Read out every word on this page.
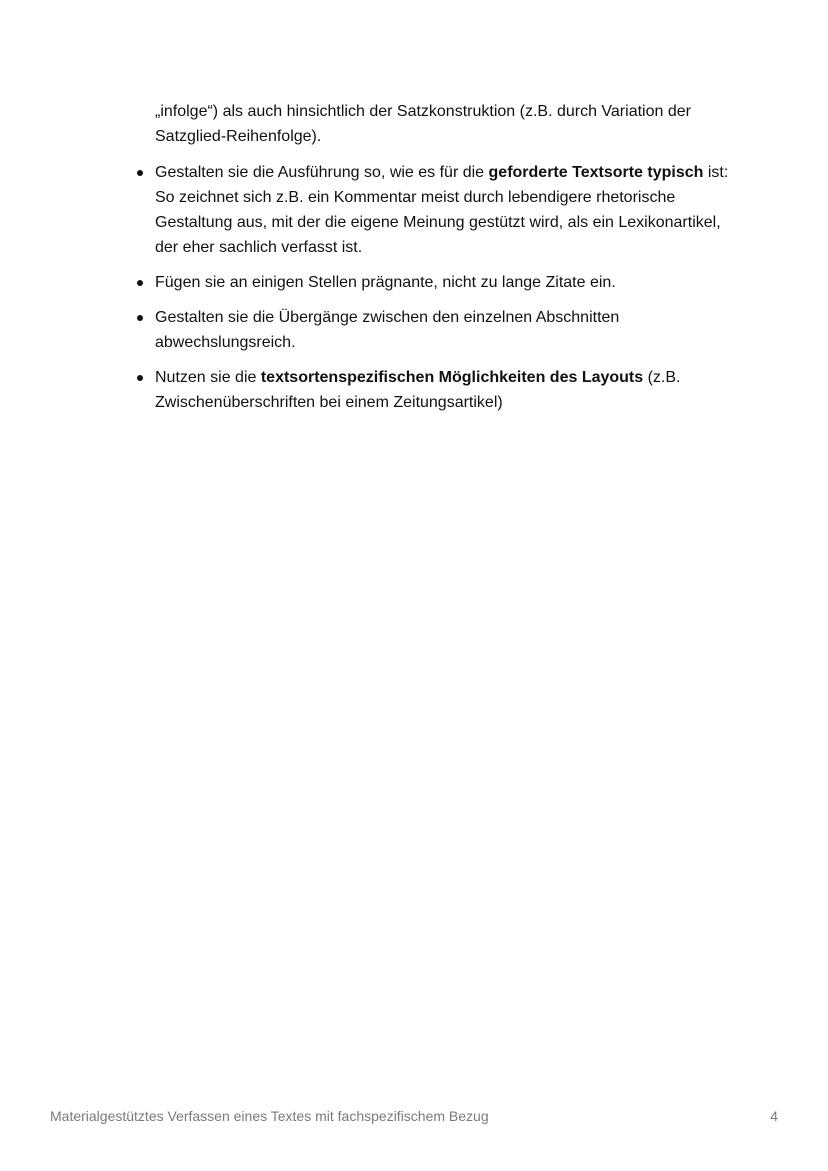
„infolge“) als auch hinsichtlich der Satzkonstruktion (z.B. durch Variation der Satzglied-Reihenfolge).

Gestalten sie die Ausführung so, wie es für die geforderte Textsorte typisch ist: So zeichnet sich z.B. ein Kommentar meist durch lebendigere rhetorische Gestaltung aus, mit der die eigene Meinung gestützt wird, als ein Lexikonartikel, der eher sachlich verfasst ist.
Fügen sie an einigen Stellen prägnante, nicht zu lange Zitate ein.
Gestalten sie die Übergänge zwischen den einzelnen Abschnitten abwechslungsreich.
Nutzen sie die textsortenspezifischen Möglichkeiten des Layouts (z.B. Zwischenüberschriften bei einem Zeitungsartikel)
Materialgestütztes Verfassen eines Textes mit fachspezifischem Bezug	4
